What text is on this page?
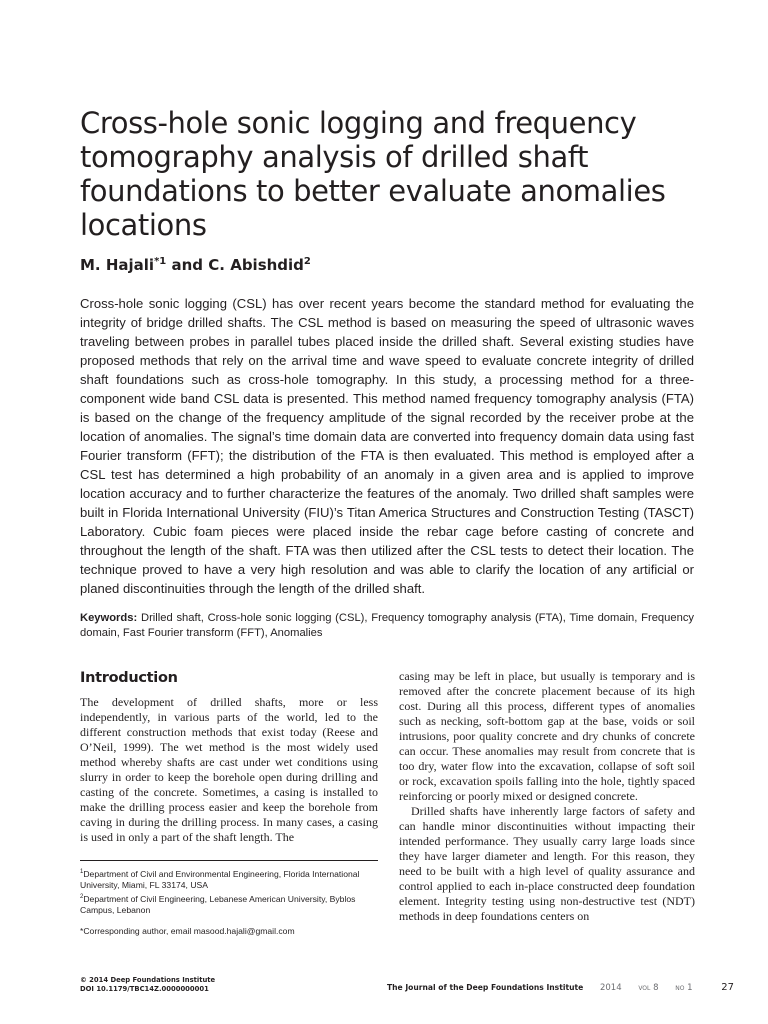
Cross-hole sonic logging and frequency tomography analysis of drilled shaft foundations to better evaluate anomalies locations
M. Hajali$^{*1}$ and C. Abishdid$^2$

Cross-hole sonic logging (CSL) has over recent years become the standard method for evaluating the integrity of bridge drilled shafts. The CSL method is based on measuring the speed of ultrasonic waves traveling between probes in parallel tubes placed inside the drilled shaft. Several existing studies have proposed methods that rely on the arrival time and wave speed to evaluate concrete integrity of drilled shaft foundations such as cross-hole tomography. In this study, a processing method for a three-component wide band CSL data is presented. This method named frequency tomography analysis (FTA) is based on the change of the frequency amplitude of the signal recorded by the receiver probe at the location of anomalies. The signal’s time domain data are converted into frequency domain data using fast Fourier transform (FFT); the distribution of the FTA is then evaluated. This method is employed after a CSL test has determined a high probability of an anomaly in a given area and is applied to improve location accuracy and to further characterize the features of the anomaly. Two drilled shaft samples were built in Florida International University (FIU)’s Titan America Structures and Construction Testing (TASCT) Laboratory. Cubic foam pieces were placed inside the rebar cage before casting of concrete and throughout the length of the shaft. FTA was then utilized after the CSL tests to detect their location. The technique proved to have a very high resolution and was able to clarify the location of any artificial or planed discontinuities through the length of the drilled shaft.

Keywords: Drilled shaft, Cross-hole sonic logging (CSL), Frequency tomography analysis (FTA), Time domain, Frequency domain, Fast Fourier transform (FFT), Anomalies

Introduction

The development of drilled shafts, more or less independently, in various parts of the world, led to the different construction methods that exist today (Reese and O’Neil, 1999). The wet method is the most widely used method whereby shafts are cast under wet conditions using slurry in order to keep the borehole open during drilling and casting of the concrete. Sometimes, a casing is installed to make the drilling process easier and keep the borehole from caving in during the drilling process. In many cases, a casing is used in only a part of the shaft length. The

casing may be left in place, but usually is temporary and is removed after the concrete placement because of its high cost. During all this process, different types of anomalies such as necking, soft-bottom gap at the base, voids or soil intrusions, poor quality concrete and dry chunks of concrete can occur. These anomalies may result from concrete that is too dry, water flow into the excavation, collapse of soft soil or rock, excavation spoils falling into the hole, tightly spaced reinforcing or poorly mixed or designed concrete.

Drilled shafts have inherently large factors of safety and can handle minor discontinuities without impacting their intended performance. They usually carry large loads since they have larger diameter and length. For this reason, they need to be built with a high level of quality assurance and control applied to each in-place constructed deep foundation element. Integrity testing using non-destructive test (NDT) methods in deep foundations centers on

$^1$Department of Civil and Environmental Engineering, Florida International University, Miami, FL 33174, USA

$^2$Department of Civil Engineering, Lebanese American University, Byblos Campus, Lebanon

*Corresponding author, email masood.hajali@gmail.com

© 2014 Deep Foundations Institute
DOI 10.1179/TBC14Z.0000000001	The Journal of the Deep Foundations Institute 2014	VOL 8	NO 1	27
